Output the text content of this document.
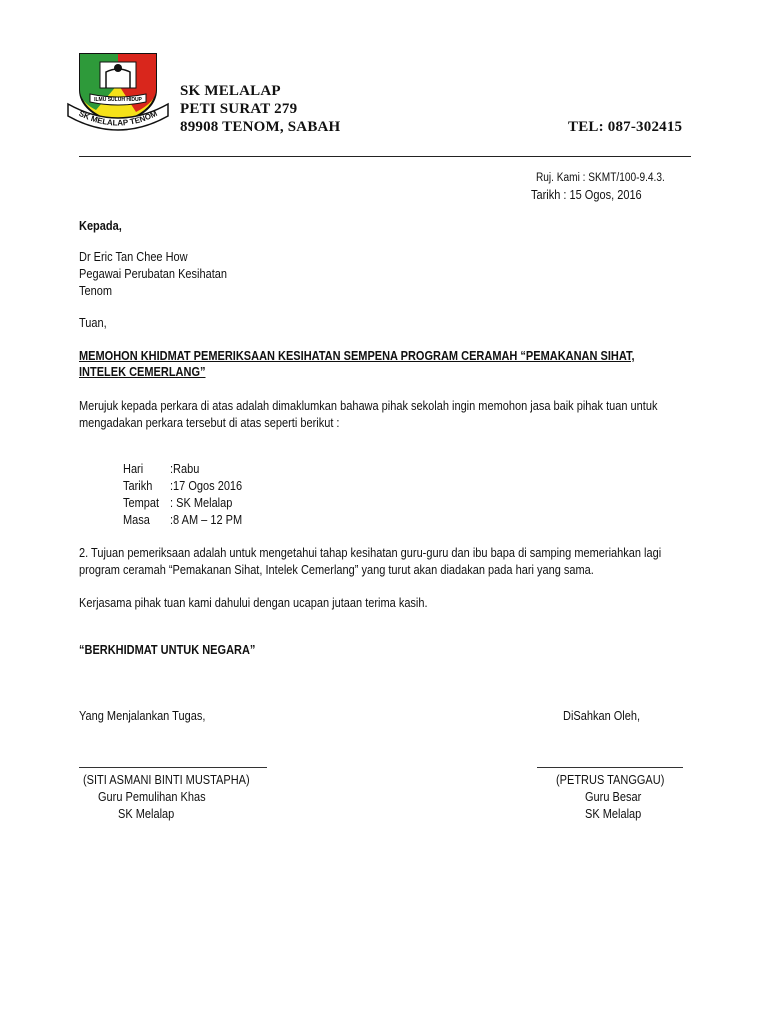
ILMU SULUH HIDUP
SK MELALAP TENOM
SK MELALAP
PETI SURAT 279
89908 TENOM, SABAH	TEL: 087-302415
Ruj. Kami : SKMT/100-9.4.3.
Tarikh : 15 Ogos, 2016
Kepada,
Dr Eric Tan Chee How
Pegawai Perubatan Kesihatan
Tenom
Tuan,
MEMOHON KHIDMAT PEMERIKSAAN KESIHATAN SEMPENA PROGRAM CERAMAH “PEMAKANAN SIHAT,
INTELEK CEMERLANG”
Merujuk kepada perkara di atas adalah dimaklumkan bahawa pihak sekolah ingin memohon jasa baik pihak tuan untuk mengadakan perkara tersebut di atas seperti berikut :
Hari :Rabu
Tarikh :17 Ogos 2016
Tempat : SK Melalap
Masa :8 AM – 12 PM
2. Tujuan pemeriksaan adalah untuk mengetahui tahap kesihatan guru-guru dan ibu bapa di samping memeriahkan lagi program ceramah “Pemakanan Sihat, Intelek Cemerlang” yang turut akan diadakan pada hari yang sama.
Kerjasama pihak tuan kami dahului dengan ucapan jutaan terima kasih.
“BERKHIDMAT UNTUK NEGARA”
Yang Menjalankan Tugas,	DiSahkan Oleh,
(SITI ASMANI BINTI MUSTAPHA)
Guru Pemulihan Khas
SK Melalap
(PETRUS TANGGAU)
Guru Besar
SK Melalap
